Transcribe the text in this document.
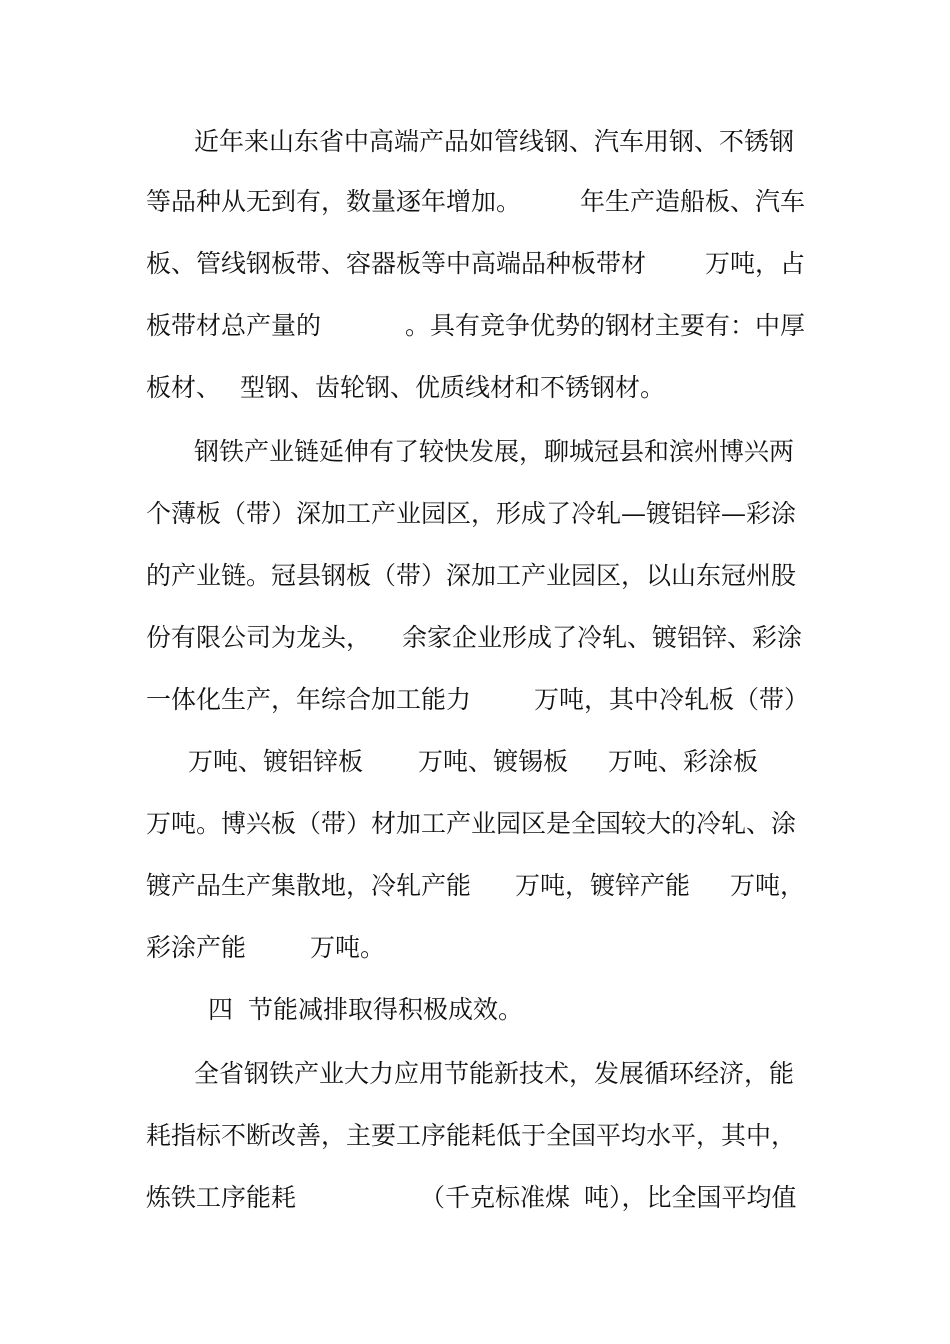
近年来山东省中高端产品如管线钢、汽车用钢、不锈钢
等品种从无到有，数量逐年增加。 年生产造船板、汽车
板、管线钢板带、容器板等中高端品种板带材 万吨，占
板带材总产量的	。具有竞争优势的钢材主要有：中厚
板材、 型钢、齿轮钢、优质线材和不锈钢材。
钢铁产业链延伸有了较快发展，聊城冠县和滨州博兴两
个薄板（带）深加工产业园区，形成了冷轧—镀铝锌—彩涂
的产业链。冠县钢板（带）深加工产业园区，以山东冠州股
份有限公司为龙头， 余家企业形成了冷轧、镀铝锌、彩涂
一体化生产，年综合加工能力	万吨，其中冷轧板（带）
万吨、镀铝锌板 万吨、镀锡板 万吨、彩涂板
万吨。博兴板（带）材加工产业园区是全国较大的冷轧、涂
镀产品生产集散地，冷轧产能 万吨，镀锌产能 万吨，
彩涂产能	万吨。
四 节能减排取得积极成效。
全省钢铁产业大力应用节能新技术，发展循环经济，能
耗指标不断改善，主要工序能耗低于全国平均水平，其中，
炼铁工序能耗	（千克标准煤 吨），比全国平均值
